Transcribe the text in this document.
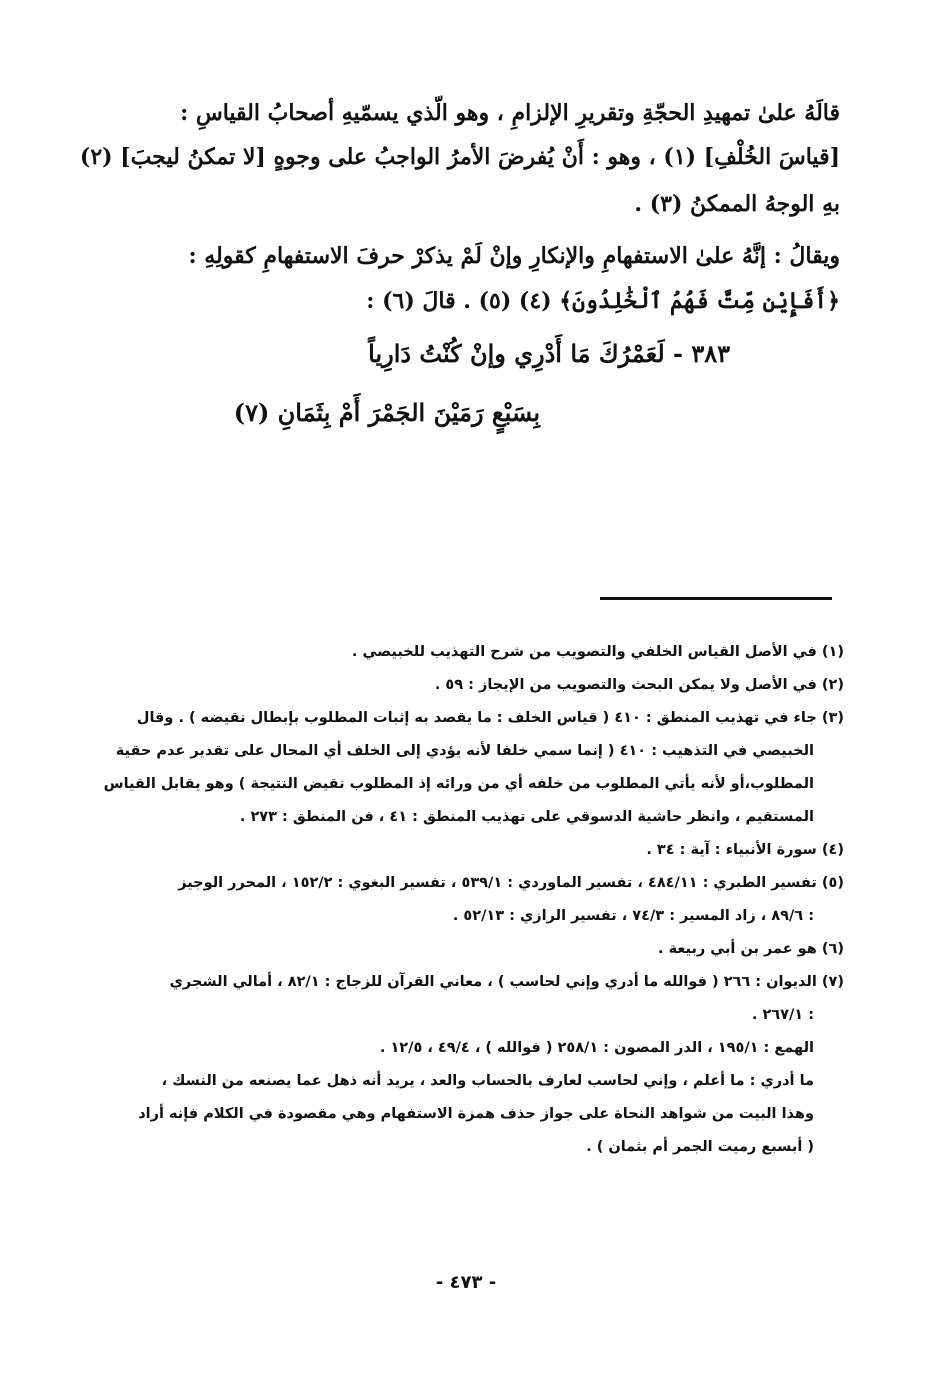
قالَهُ علىٰ تمهيدِ الحجّةِ وتقريرِ الإلزامِ ، وهو الّذي يسمّيهِ أصحابُ القياسِ :

[قياسَ الخُلْفِ] (١) ، وهو : أَنْ يُفرضَ الأمرُ الواجبُ على وجوهٍ [لا تمكنُ ليجبَ] (٢)

بهِ الوجهُ الممكنُ (٣) .

ويقالُ : إنَّهُ علىٰ الاستفهامِ والإنكارِ وإنْ لَمْ يذكرْ حرفَ الاستفهامِ كقولِهِ :

﴿أَفَإِيْن مِّتَّ فَهُمُ ٱلْخَٰلِدُونَ﴾ (٤) (٥) . قالَ (٦) :

٣٨٣ - لَعَمْرُكَ مَا أَدْرِي وإنْ كُنْتُ دَارِياً

بِسَبْعٍ رَمَيْنَ الجَمْرَ أَمْ بِثَمَانِ (٧)

(١) في الأصل القياس الخلفي والتصويب من شرح التهذيب للخبيصي .

(٢) في الأصل ولا يمكن البحث والتصويب من الإيجاز : ٥٩ .

(٣) جاء في تهذيب المنطق : ٤١٠ ( قياس الخلف : ما يقصد به إثبات المطلوب بإبطال نقيضه ) . وقال

الخبيصي في التذهيب : ٤١٠ ( إنما سمي خلفا لأنه يؤدي إلى الخلف أي المحال على تقدير عدم حقية

المطلوب،أو لأنه يأتي المطلوب من خلفه أي من ورائه إذ المطلوب نقيض النتيجة ) وهو يقابل القياس

المستقيم ، وانظر حاشية الدسوقي على تهذيب المنطق : ٤١ ، فن المنطق : ٢٧٣ .

(٤) سورة الأنبياء : آية : ٣٤ .

(٥) تفسير الطبري : ٤٨٤/١١ ، تفسير الماوردي : ٥٣٩/١ ، تفسير البغوي : ١٥٢/٢ ، المحرر الوجيز

: ٨٩/٦ ، زاد المسير : ٧٤/٣ ، تفسير الرازي : ٥٢/١٣ .

(٦) هو عمر بن أبي ربيعة .

(٧) الديوان : ٢٦٦ ( فوالله ما أدري وإني لحاسب ) ، معاني القرآن للزجاج : ٨٢/١ ، أمالي الشجري

: ٢٦٧/١ .

الهمع : ١٩٥/١ ، الدر المصون : ٢٥٨/١ ( فوالله ) ، ٤٩/٤ ، ١٢/٥ .

ما أدري : ما أعلم ، وإني لحاسب لعارف بالحساب والعد ، يريد أنه ذهل عما يصنعه من النسك ،

وهذا البيت من شواهد النحاة على جواز حذف همزة الاستفهام وهي مقصودة في الكلام فإنه أراد

( أبسبع رميت الجمر أم بثمان ) .

- ٤٧٣ -
